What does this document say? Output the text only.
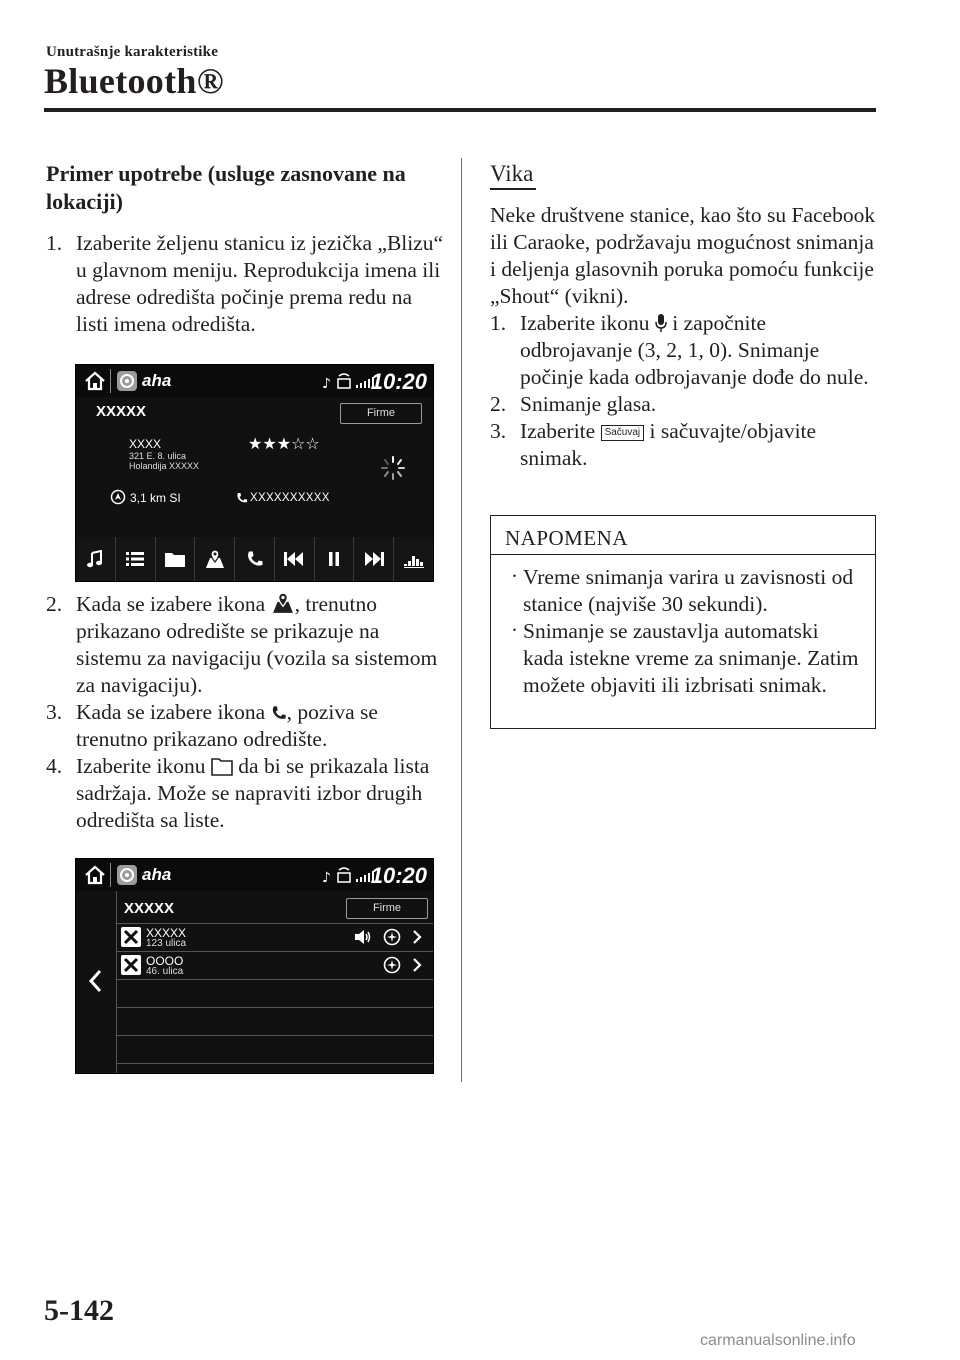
Unutrašnje karakteristike
Bluetooth®
Primer upotrebe (usluge zasnovane na lokaciji)
1. Izaberite željenu stanicu iz jezička „Blizu“ u glavnom meniju. Reprodukcija imena ili adrese odredišta počinje prema redu na listi imena odredišta.
aha	♪ 10:20
XXXXX	Firme
XXXX
321 E. 8. ulica
Holandija XXXXX
★★★☆☆
3,1 km SI	XXXXXXXXXX
2. Kada se izabere ikona , trenutno prikazano odredište se prikazuje na sistemu za navigaciju (vozila sa sistemom za navigaciju).
3. Kada se izabere ikona , poziva se trenutno prikazano odredište.
4. Izaberite ikonu  da bi se prikazala lista sadržaja. Može se napraviti izbor drugih odredišta sa liste.
aha	♪ 10:20
XXXXX	Firme
XXXXX
123 ulica
OOOO
46. ulica
Vika
Neke društvene stanice, kao što su Facebook ili Caraoke, podržavaju mogućnost snimanja i deljenja glasovnih poruka pomoću funkcije „Shout“ (vikni).
1. Izaberite ikonu  i započnite odbrojavanje (3, 2, 1, 0). Snimanje počinje kada odbrojavanje dođe do nule.
2. Snimanje glasa.
3. Izaberite Sačuvaj i sačuvajte/objavite snimak.
NAPOMENA
· Vreme snimanja varira u zavisnosti od stanice (najviše 30 sekundi).
· Snimanje se zaustavlja automatski kada istekne vreme za snimanje. Zatim možete objaviti ili izbrisati snimak.
5-142
carmanualsonline.info
